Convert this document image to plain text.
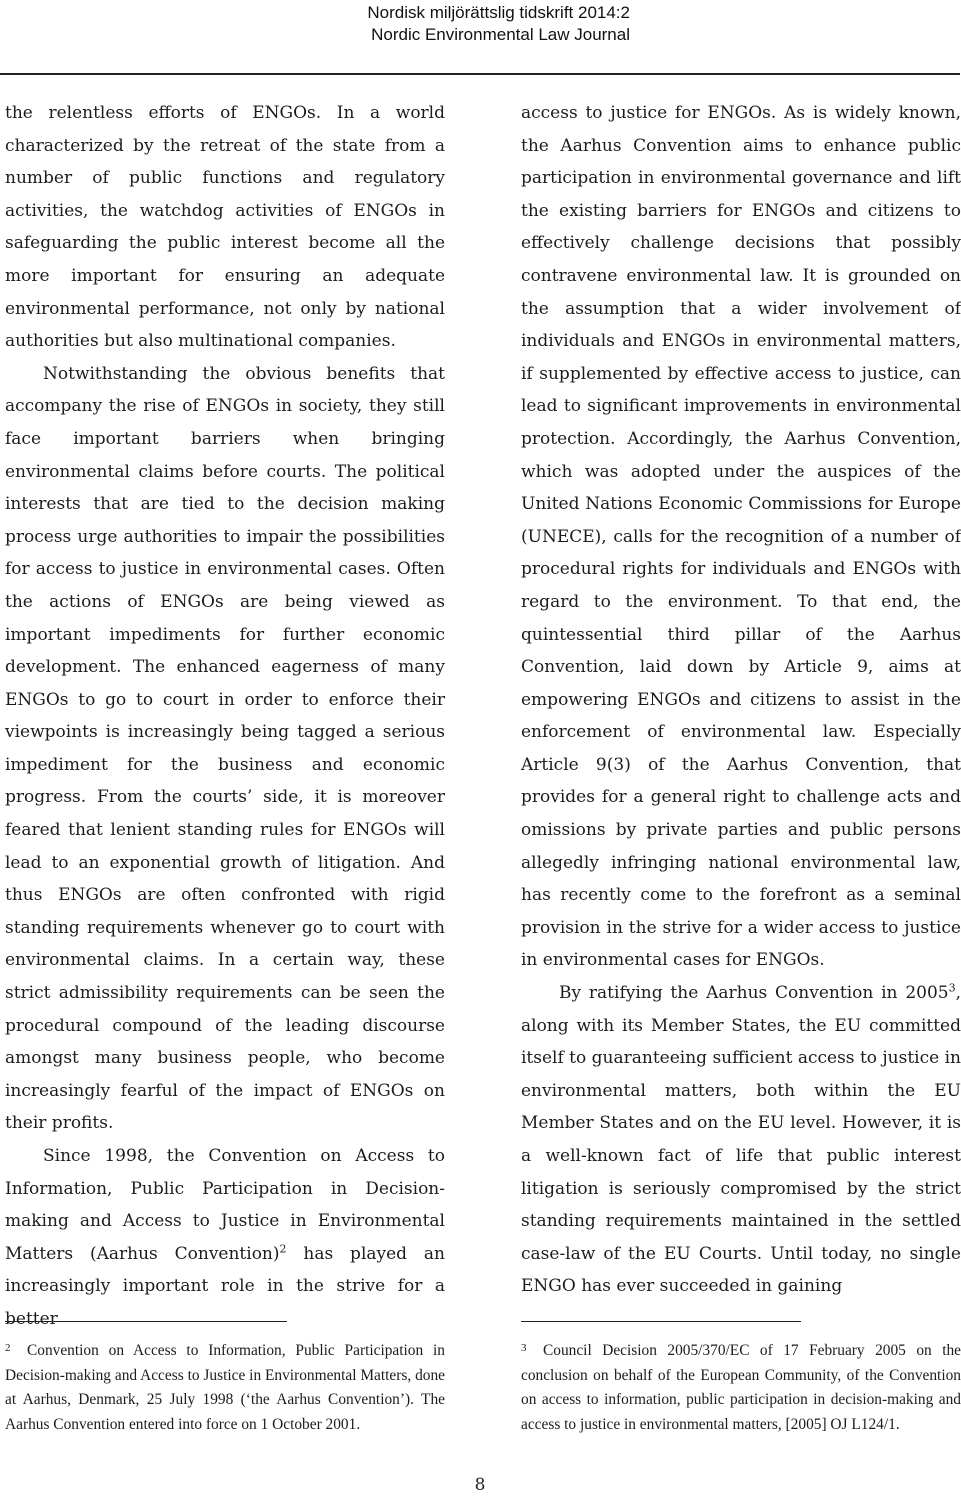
Nordisk miljörättslig tidskrift 2014:2
Nordic Environmental Law Journal

the relentless efforts of ENGOs. In a world characterized by the retreat of the state from a number of public functions and regulatory activities, the watchdog activities of ENGOs in safeguarding the public interest become all the more important for ensuring an adequate environmental performance, not only by national authorities but also multinational companies.

Notwithstanding the obvious benefits that accompany the rise of ENGOs in society, they still face important barriers when bringing environmental claims before courts. The political interests that are tied to the decision making process urge authorities to impair the possibilities for access to justice in environmental cases. Often the actions of ENGOs are being viewed as important impediments for further economic development. The enhanced eagerness of many ENGOs to go to court in order to enforce their viewpoints is increasingly being tagged a serious impediment for the business and economic progress. From the courts’ side, it is moreover feared that lenient standing rules for ENGOs will lead to an exponential growth of litigation. And thus ENGOs are often confronted with rigid standing requirements whenever go to court with environmental claims. In a certain way, these strict admissibility requirements can be seen the procedural compound of the leading discourse amongst many business people, who become increasingly fearful of the impact of ENGOs on their profits.

Since 1998, the Convention on Access to Information, Public Participation in Decision-making and Access to Justice in Environmental Matters (Aarhus Convention)$^2$ has played an increasingly important role in the strive for a better

access to justice for ENGOs. As is widely known, the Aarhus Convention aims to enhance public participation in environmental governance and lift the existing barriers for ENGOs and citizens to effectively challenge decisions that possibly contravene environmental law. It is grounded on the assumption that a wider involvement of individuals and ENGOs in environmental matters, if supplemented by effective access to justice, can lead to significant improvements in environmental protection. Accordingly, the Aarhus Convention, which was adopted under the auspices of the United Nations Economic Commissions for Europe (UNECE), calls for the recognition of a number of procedural rights for individuals and ENGOs with regard to the environment. To that end, the quintessential third pillar of the Aarhus Convention, laid down by Article 9, aims at empowering ENGOs and citizens to assist in the enforcement of environmental law. Especially Article 9(3) of the Aarhus Convention, that provides for a general right to challenge acts and omissions by private parties and public persons allegedly infringing national environmental law, has recently come to the forefront as a seminal provision in the strive for a wider access to justice in environmental cases for ENGOs.

By ratifying the Aarhus Convention in 2005$^3$, along with its Member States, the EU committed itself to guaranteeing sufficient access to justice in environmental matters, both within the EU Member States and on the EU level. However, it is a well-known fact of life that public interest litigation is seriously compromised by the strict standing requirements maintained in the settled case-law of the EU Courts. Until today, no single ENGO has ever succeeded in gaining

2 Convention on Access to Information, Public Participation in Decision-making and Access to Justice in Environmental Matters, done at Aarhus, Denmark, 25 July 1998 (‘the Aarhus Convention’). The Aarhus Convention entered into force on 1 October 2001.
3 Council Decision 2005/370/EC of 17 February 2005 on the conclusion on behalf of the European Community, of the Convention on access to information, public participation in decision-making and access to justice in environmental matters, [2005] OJ L124/1.
8
